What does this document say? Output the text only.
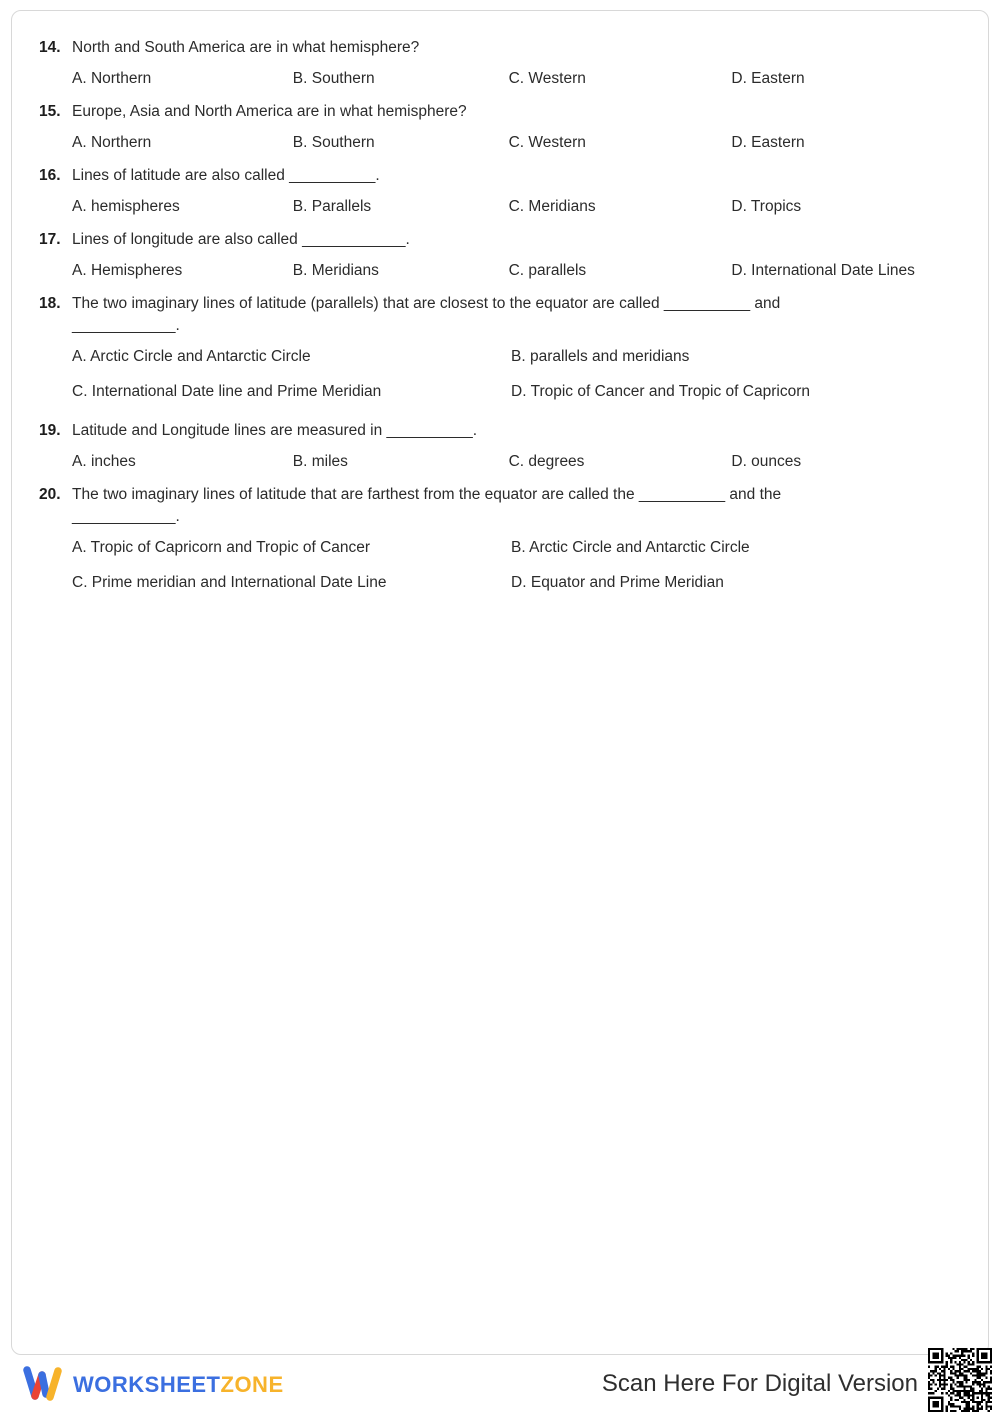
14. North and South America are in what hemisphere?
A. Northern	B. Southern	C. Western	D. Eastern
15. Europe, Asia and North America are in what hemisphere?
A. Northern	B. Southern	C. Western	D. Eastern
16. Lines of latitude are also called __________.
A. hemispheres	B. Parallels	C. Meridians	D. Tropics
17. Lines of longitude are also called ____________.
A. Hemispheres	B. Meridians	C. parallels	D. International Date Lines
18. The two imaginary lines of latitude (parallels) that are closest to the equator are called __________ and
____________.
A. Arctic Circle and Antarctic Circle	B. parallels and meridians
C. International Date line and Prime Meridian	D. Tropic of Cancer and Tropic of Capricorn
19. Latitude and Longitude lines are measured in __________.
A. inches	B. miles	C. degrees	D. ounces
20. The two imaginary lines of latitude that are farthest from the equator are called the __________ and the
____________.
A. Tropic of Capricorn and Tropic of Cancer	B. Arctic Circle and Antarctic Circle
C. Prime meridian and International Date Line	D. Equator and Prime Meridian
WORKSHEETZONE	Scan Here For Digital Version
